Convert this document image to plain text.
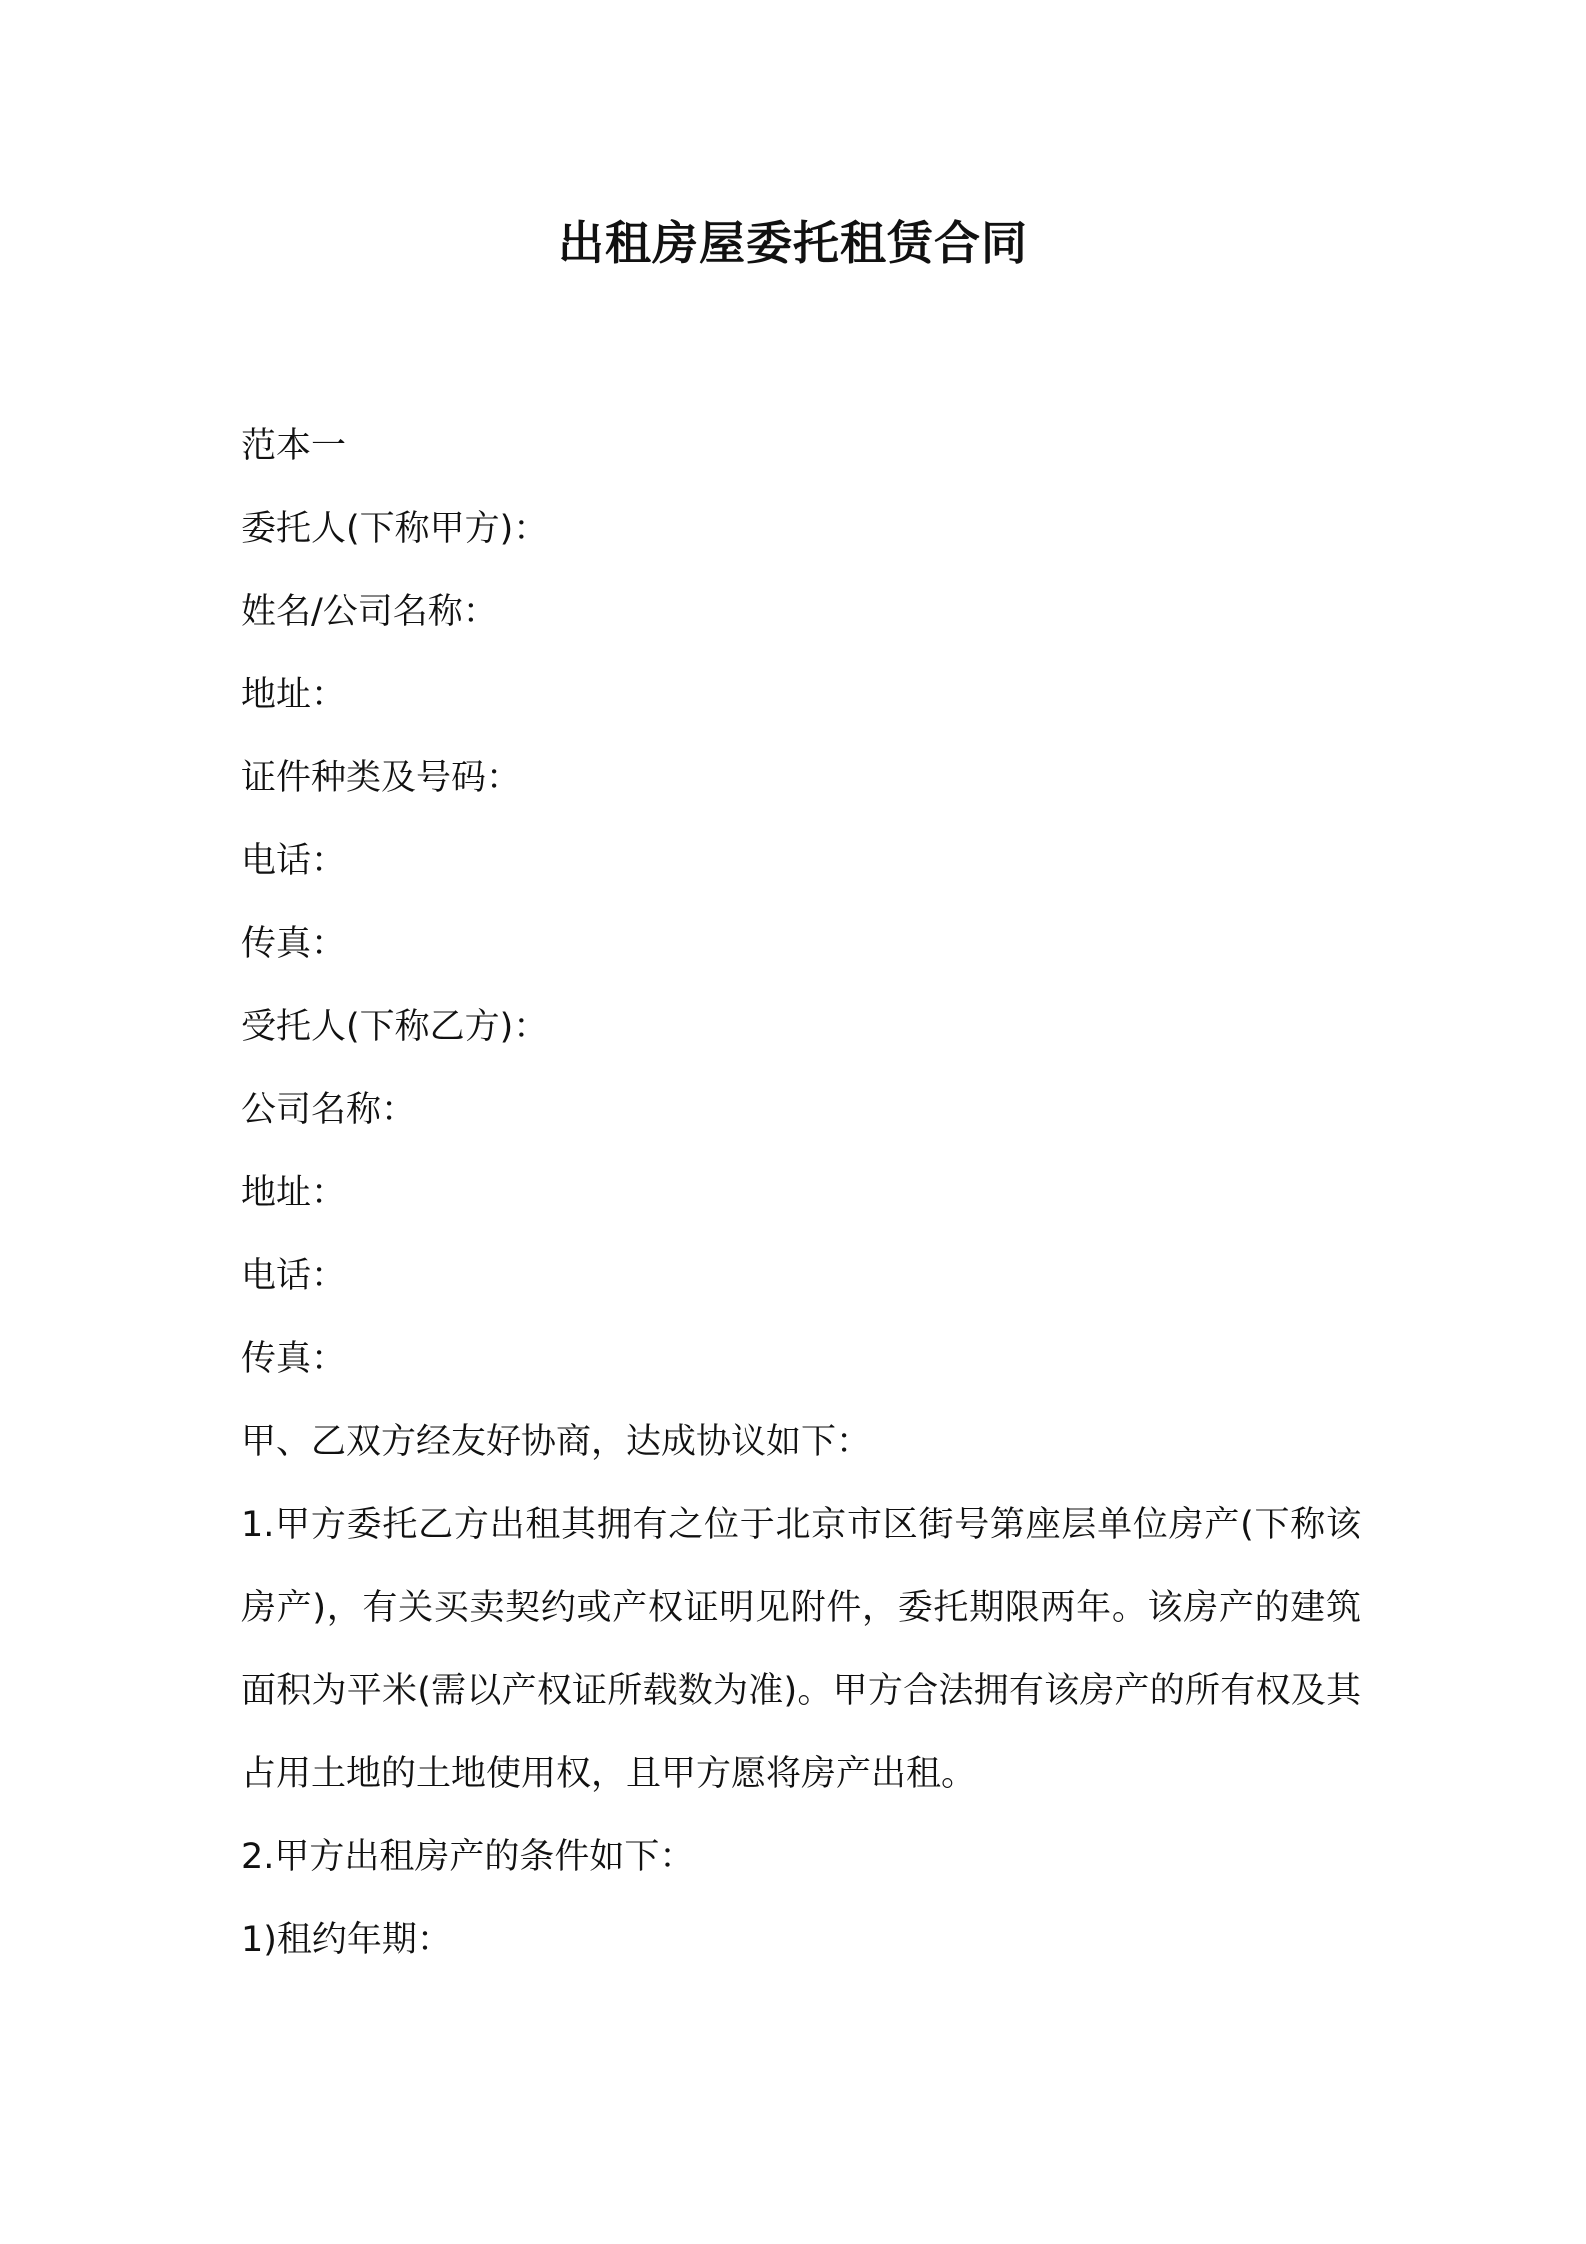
出租房屋委托租赁合同

范本一

委托人(下称甲方)：

姓名/公司名称：

地址：

证件种类及号码：

电话：

传真：

受托人(下称乙方)：

公司名称：

地址：

电话：

传真：

甲、乙双方经友好协商，达成协议如下：

1.甲方委托乙方出租其拥有之位于北京市区街号第座层单位房产(下称该房产)，有关买卖契约或产权证明见附件，委托期限两年。该房产的建筑面积为平米(需以产权证所载数为准)。甲方合法拥有该房产的所有权及其占用土地的土地使用权，且甲方愿将房产出租。

2.甲方出租房产的条件如下：

1)租约年期：
